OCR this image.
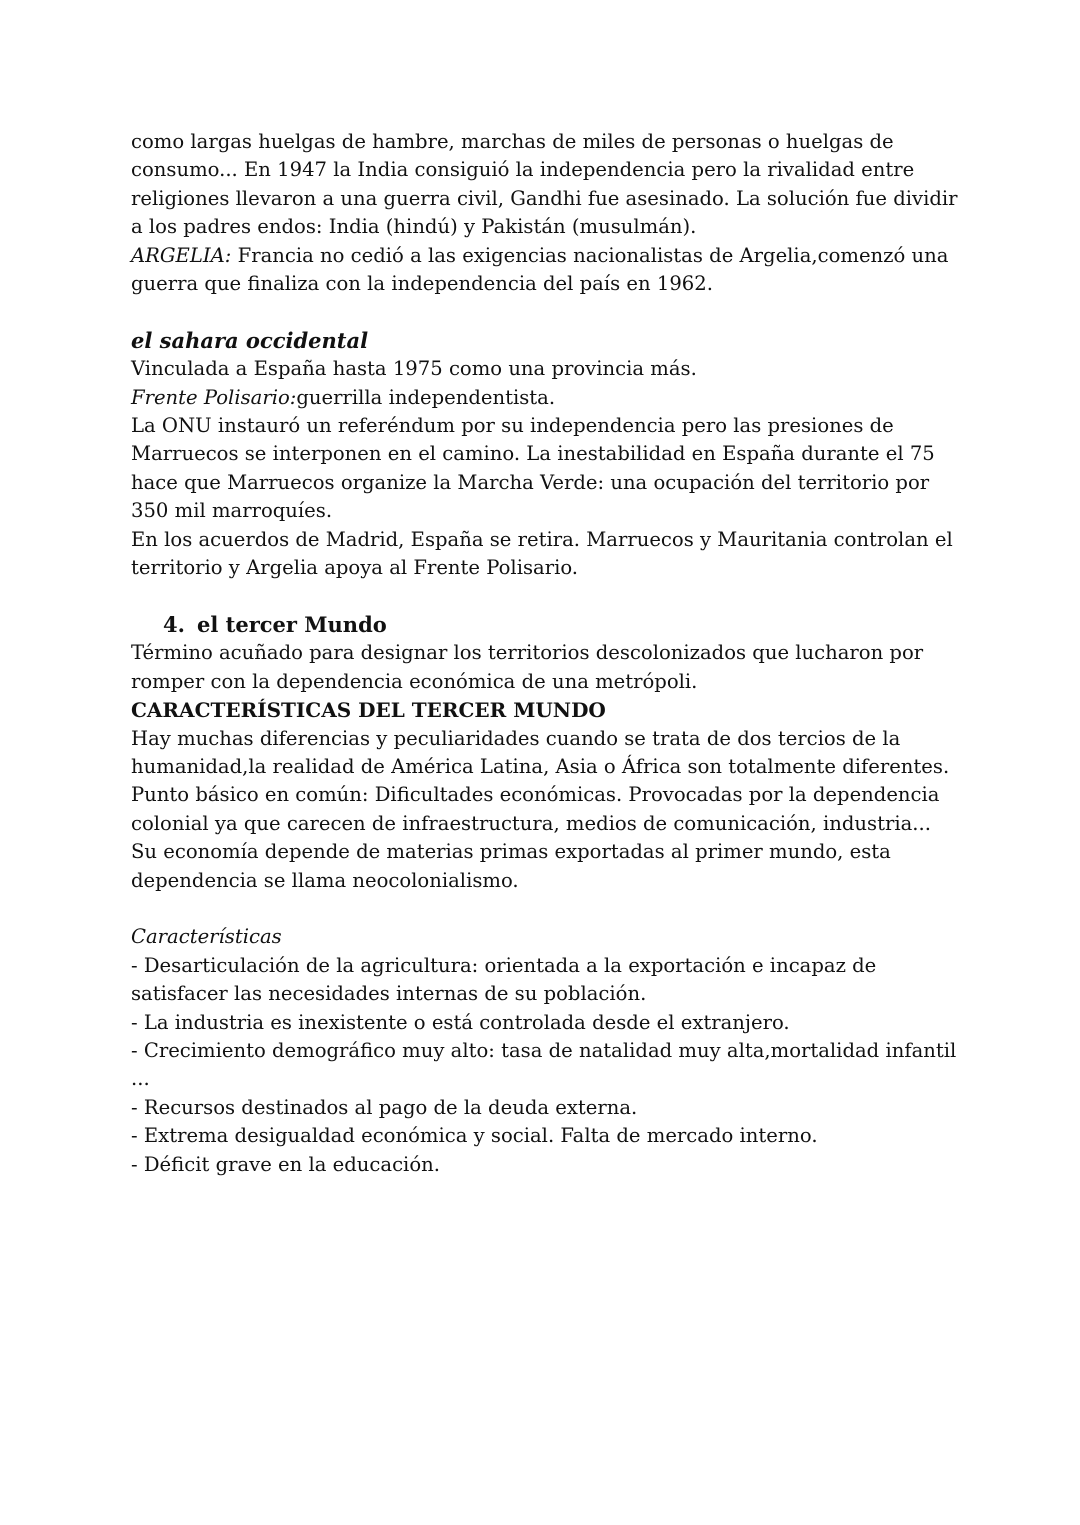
como largas huelgas de hambre, marchas de miles de personas o huelgas de consumo... En 1947 la India consiguió la independencia pero la rivalidad entre religiones llevaron a una guerra civil, Gandhi fue asesinado. La solución fue dividir a los padres endos: India (hindú) y Pakistán (musulmán).

ARGELIA: Francia no cedió a las exigencias nacionalistas de Argelia,comenzó una guerra que finaliza con la independencia del país en 1962.

el sahara occidental

Vinculada a España hasta 1975 como una provincia más.

Frente Polisario:guerrilla independentista.

La ONU instauró un referéndum por su independencia pero las presiones de Marruecos se interponen en el camino. La inestabilidad en España durante el 75 hace que Marruecos organize la Marcha Verde: una ocupación del territorio por 350 mil marroquíes.

En los acuerdos de Madrid, España se retira. Marruecos y Mauritania controlan el territorio y Argelia apoya al Frente Polisario.

4. el tercer Mundo

Término acuñado para designar los territorios descolonizados que lucharon por romper con la dependencia económica de una metrópoli.

CARACTERÍSTICAS DEL TERCER MUNDO

Hay muchas diferencias y peculiaridades cuando se trata de dos tercios de la humanidad,la realidad de América Latina, Asia o África son totalmente diferentes. Punto básico en común: Dificultades económicas. Provocadas por la dependencia colonial ya que carecen de infraestructura, medios de comunicación, industria... Su economía depende de materias primas exportadas al primer mundo, esta dependencia se llama neocolonialismo.

Características

- Desarticulación de la agricultura: orientada a la exportación e incapaz de satisfacer las necesidades internas de su población.
- La industria es inexistente o está controlada desde el extranjero.
- Crecimiento demográfico muy alto: tasa de natalidad muy alta,mortalidad infantil ...
- Recursos destinados al pago de la deuda externa.
- Extrema desigualdad económica y social. Falta de mercado interno.
- Déficit grave en la educación.
